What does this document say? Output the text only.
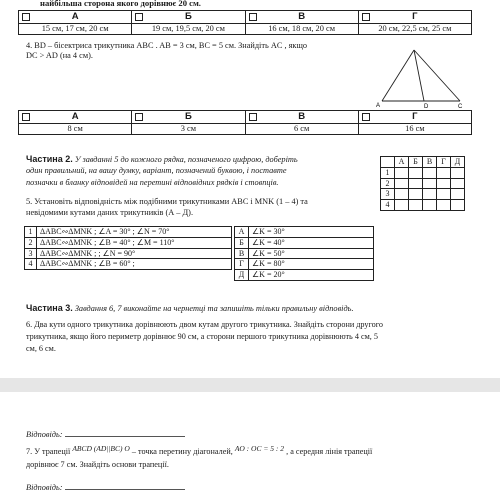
найбільша сторона якого дорівнює 20 см.
А	Б	В	Г
15 см, 17 см, 20 см	19 см, 19,5 см, 20 см	16 см, 18 см, 20 см	20 см, 22,5 см, 25 см
4. BD – бісектриса трикутника ABC . AB = 3 см, BC = 5 см. Знайдіть AC , якщо
DC > AD (на 4 см).
A	D	C
А	Б	В	Г
8 см	3 см	6 см	16 см
Частина 2. У завданні 5 до кожного рядка, позначеного цифрою, доберіть
один правильний, на вашу думку, варіант, позначений буквою, і поставте
позначки в бланку відповідей на перетині відповідних рядків і стовпців.
	А	Б	В	Г	Д
1					
2					
3					
4					
5. Установіть відповідність між подібними трикутниками ABC і MNK (1 – 4) та
невідомими кутами даних трикутників (А – Д).
1	ΔABC∾ΔMNK ; ∠A = 30° ; ∠N = 70°
2	ΔABC∾ΔMNK ; ∠B = 40° ; ∠M = 110°
3	ΔABC∾ΔMNK ; ; ∠N = 90°
4	ΔABC∾ΔMNK ; ∠B = 60° ;
А	∠K = 30°
Б	∠K = 40°
В	∠K = 50°
Г	∠K = 80°
Д	∠K = 20°
Частина 3. Завдання 6, 7 виконайте на чернетці та запишіть тільки правильну відповідь.
6. Два кути одного трикутника дорівнюють двом кутам другого трикутника. Знайдіть сторони другого
трикутника, якщо його периметр дорівнює 90 см, а сторони першого трикутника дорівнюють 4 см, 5
см, 6 см.
Відповідь:
7. У трапеції ABCD (AD||BC) O – точка перетину діагоналей, AO : OC = 5 : 2 , а середня лінія трапеції
дорівнює 7 см. Знайдіть основи трапеції.
Відповідь:
